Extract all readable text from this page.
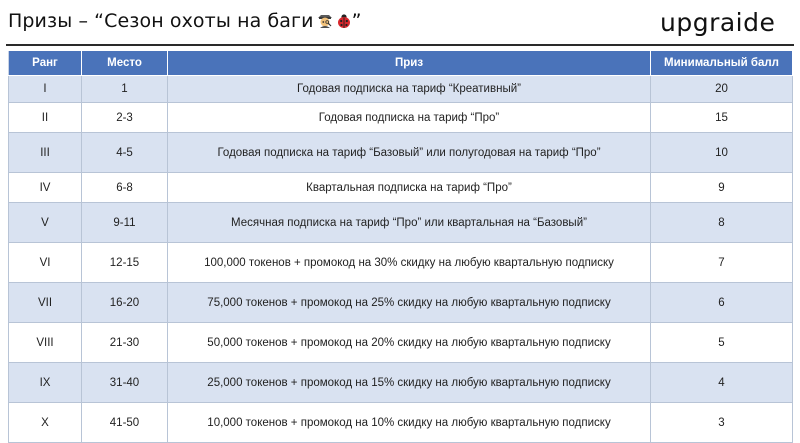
Призы – “Сезон охоты на баги ”	upgraide
Ранг	Место	Приз	Минимальный балл
I	1	Годовая подписка на тариф “Креативный”	20
II	2-3	Годовая подписка на тариф “Про”	15
III	4-5	Годовая подписка на тариф “Базовый” или полугодовая на тариф “Про”	10
IV	6-8	Квартальная подписка на тариф “Про”	9
V	9-11	Месячная подписка на тариф “Про” или квартальная на “Базовый”	8
VI	12-15	100,000 токенов + промокод на 30% скидку на любую квартальную подписку	7
VII	16-20	75,000 токенов + промокод на 25% скидку на любую квартальную подписку	6
VIII	21-30	50,000 токенов + промокод на 20% скидку на любую квартальную подписку	5
IX	31-40	25,000 токенов + промокод на 15% скидку на любую квартальную подписку	4
X	41-50	10,000 токенов + промокод на 10% скидку на любую квартальную подписку	3
